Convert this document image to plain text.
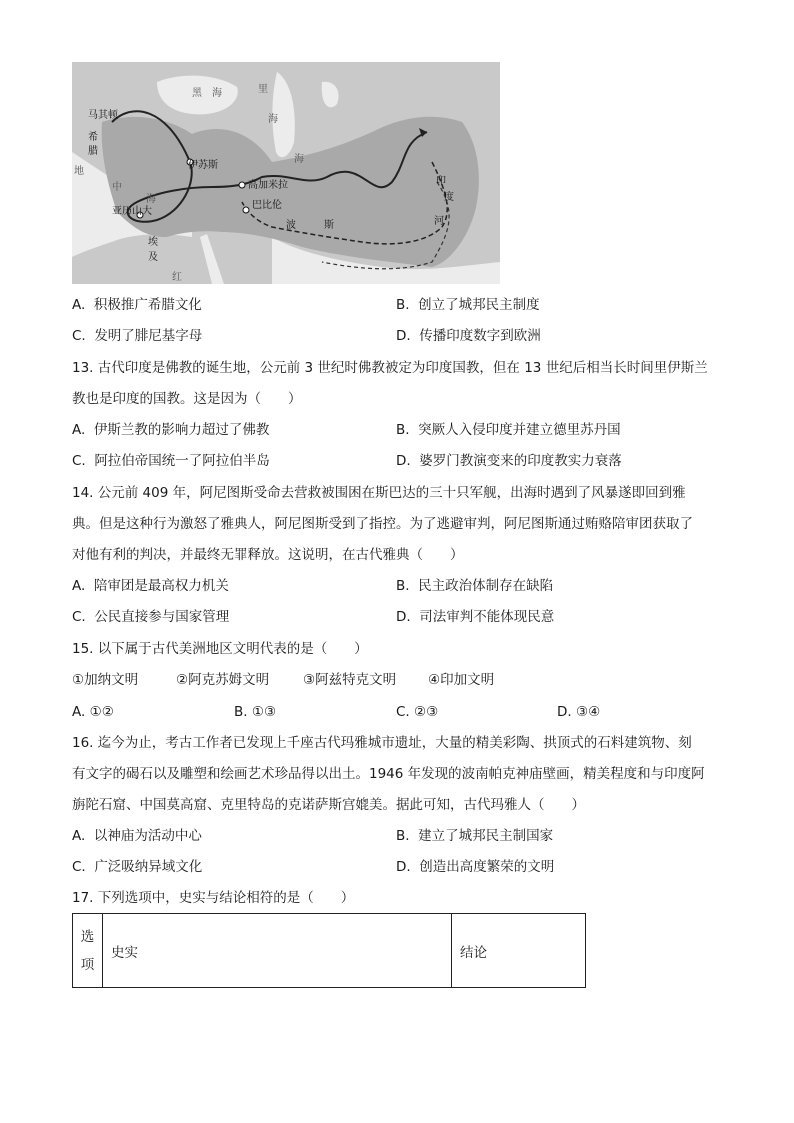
马其顿
希
腊
黑 海	里
海
海
伊苏斯
亚历山大
高加米拉
巴比伦
埃
及
波	斯
印
度
河
地
中
海
红
A. 积极推广希腊文化	B. 创立了城邦民主制度
C. 发明了腓尼基字母	D. 传播印度数字到欧洲
13. 古代印度是佛教的诞生地，公元前 3 世纪时佛教被定为印度国教，但在 13 世纪后相当长时间里伊斯兰
教也是印度的国教。这是因为（　　）
A. 伊斯兰教的影响力超过了佛教	B. 突厥人入侵印度并建立德里苏丹国
C. 阿拉伯帝国统一了阿拉伯半岛	D. 婆罗门教演变来的印度教实力衰落
14. 公元前 409 年，阿尼图斯受命去营救被围困在斯巴达的三十只军舰，出海时遇到了风暴遂即回到雅
典。但是这种行为激怒了雅典人，阿尼图斯受到了指控。为了逃避审判，阿尼图斯通过贿赂陪审团获取了
对他有利的判决，并最终无罪释放。这说明，在古代雅典（　　）
A. 陪审团是最高权力机关	B. 民主政治体制存在缺陷
C. 公民直接参与国家管理	D. 司法审判不能体现民意
15. 以下属于古代美洲地区文明代表的是（　　）
①加纳文明	②阿克苏姆文明	③阿兹特克文明 ④印加文明
A. ①②	B. ①③	C. ②③	D. ③④
16. 迄今为止，考古工作者已发现上千座古代玛雅城市遗址，大量的精美彩陶、拱顶式的石料建筑物、刻
有文字的碣石以及雕塑和绘画艺术珍品得以出土。1946 年发现的波南帕克神庙壁画，精美程度和与印度阿
旃陀石窟、中国莫高窟、克里特岛的克诺萨斯宫媲美。据此可知，古代玛雅人（　　）
A. 以神庙为活动中心	B. 建立了城邦民主制国家
C. 广泛吸纳异域文化	D. 创造出高度繁荣的文明
17. 下列选项中，史实与结论相符的是（　　）
选
项	史实	结论
